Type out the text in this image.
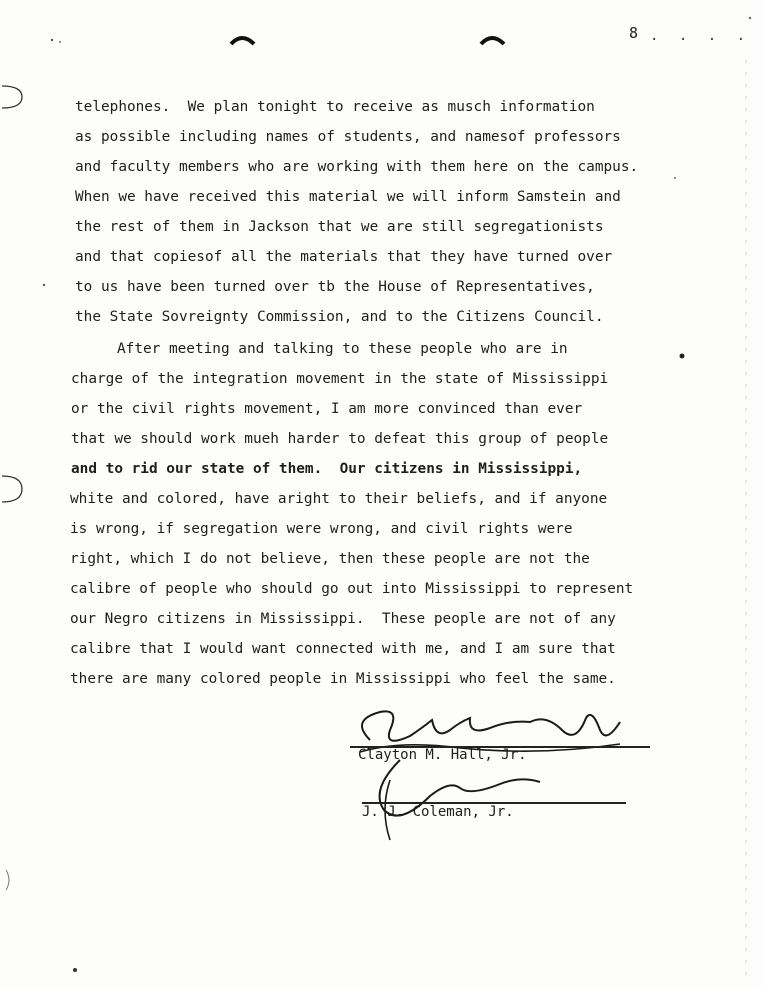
8 . . . .
telephones.  We plan tonight to receive as musch information
as possible including names of students, and namesof professors
and faculty members who are working with them here on the campus.
When we have received this material we will inform Samstein and
the rest of them in Jackson that we are still segregationists
and that copiesof all the materials that they have turned over
to us have been turned over tb the House of Representatives,
the State Sovreignty Commission, and to the Citizens Council.
After meeting and talking to these people who are in
charge of the integration movement in the state of Mississippi
or the civil rights movement, I am more convinced than ever
that we should work mueh harder to defeat this group of people
and to rid our state of them.  Our citizens in Mississippi,
white and colored, have aright to their beliefs, and if anyone
is wrong, if segregation were wrong, and civil rights were
right, which I do not believe, then these people are not the
calibre of people who should go out into Mississippi to represent
our Negro citizens in Mississippi.  These people are not of any
calibre that I would want connected with me, and I am sure that
there are many colored people in Mississippi who feel the same.
Clayton M. Hall, Jr.
J. J. Coleman, Jr.
